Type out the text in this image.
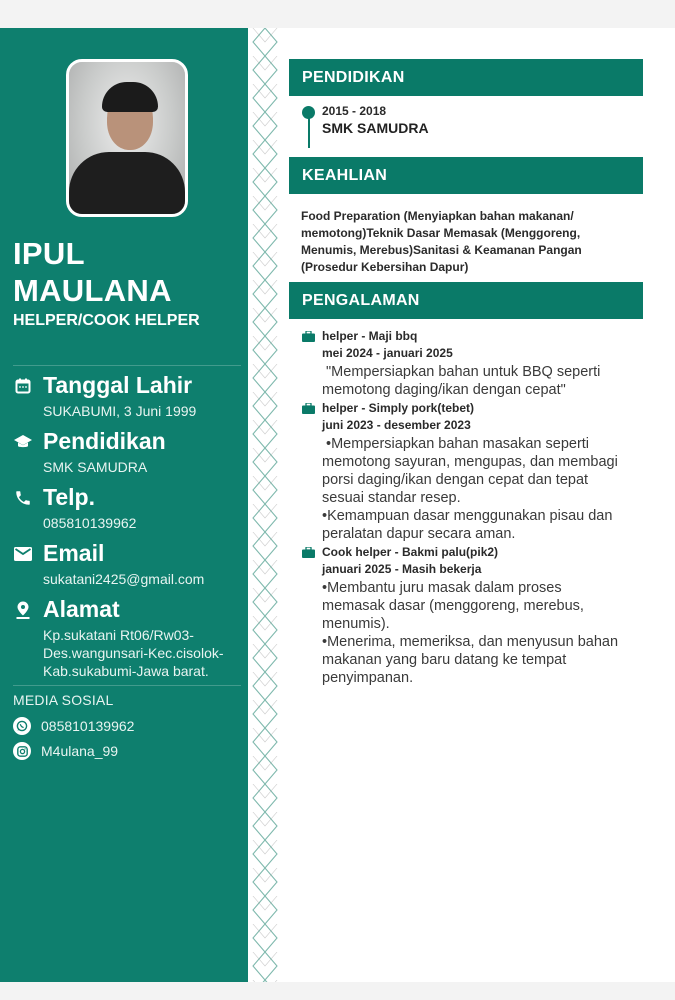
IPUL
MAULANA
HELPER/COOK HELPER
Tanggal Lahir
SUKABUMI, 3 Juni 1999
Pendidikan
SMK SAMUDRA
Telp.
085810139962
Email
sukatani2425@gmail.com
Alamat
Kp.sukatani Rt06/Rw03-
Des.wangunsari-Kec.cisolok-
Kab.sukabumi-Jawa barat.
MEDIA SOSIAL
085810139962
M4ulana_99
PENDIDIKAN
2015 - 2018
SMK SAMUDRA
KEAHLIAN
Food Preparation (Menyiapkan bahan makanan/
memotong)Teknik Dasar Memasak (Menggoreng,
Menumis, Merebus)Sanitasi & Keamanan Pangan
(Prosedur Kebersihan Dapur)
PENGALAMAN
helper - Maji bbq
mei 2024 - januari 2025

"Mempersiapkan bahan untuk BBQ seperti

memotong daging/ikan dengan cepat"

helper - Simply pork(tebet)
juni 2023 - desember 2023

•Mempersiapkan bahan masakan seperti

memotong sayuran, mengupas, dan membagi

porsi daging/ikan dengan cepat dan tepat

sesuai standar resep.

•Kemampuan dasar menggunakan pisau dan

peralatan dapur secara aman.

Cook helper - Bakmi palu(pik2)
januari 2025 - Masih bekerja

•Membantu juru masak dalam proses

memasak dasar (menggoreng, merebus,

menumis).

•Menerima, memeriksa, dan menyusun bahan

makanan yang baru datang ke tempat

penyimpanan.
